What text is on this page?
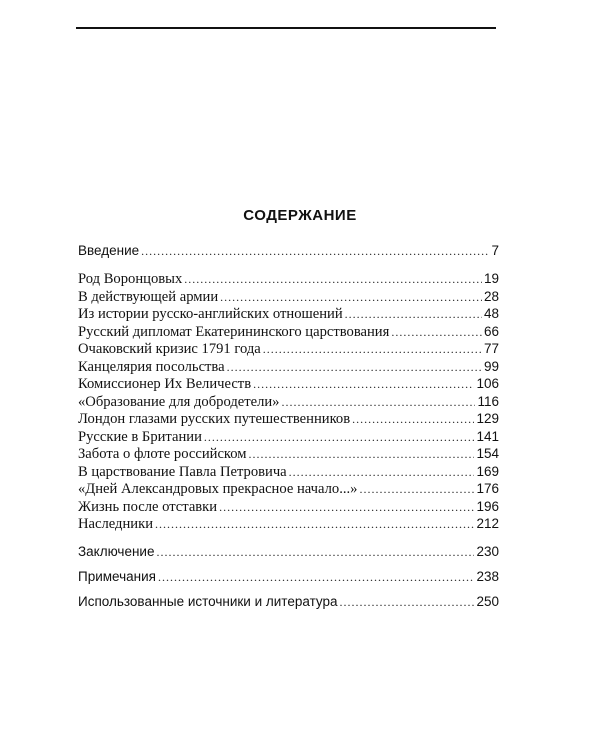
СОДЕРЖАНИЕ
Введение . . .	7
Род Воронцовых . . .	19
В действующей армии . . .	28
Из истории русско-английских отношений . . .	48
Русский дипломат Екатерининского царствования . . .	66
Очаковский кризис 1791 года . . .	77
Канцелярия посольства . . .	99
Комиссионер Их Величеств . . .	106
«Образование для добродетели» . . .	116
Лондон глазами русских путешественников . . .	129
Русские в Британии . . .	141
Забота о флоте российском . . .	154
В царствование Павла Петровича . . .	169
«Дней Александровых прекрасное начало...» . . .	176
Жизнь после отставки . . .	196
Наследники . . .	212
Заключение . . .	230
Примечания . . .	238
Использованные источники и литература . . .	250
